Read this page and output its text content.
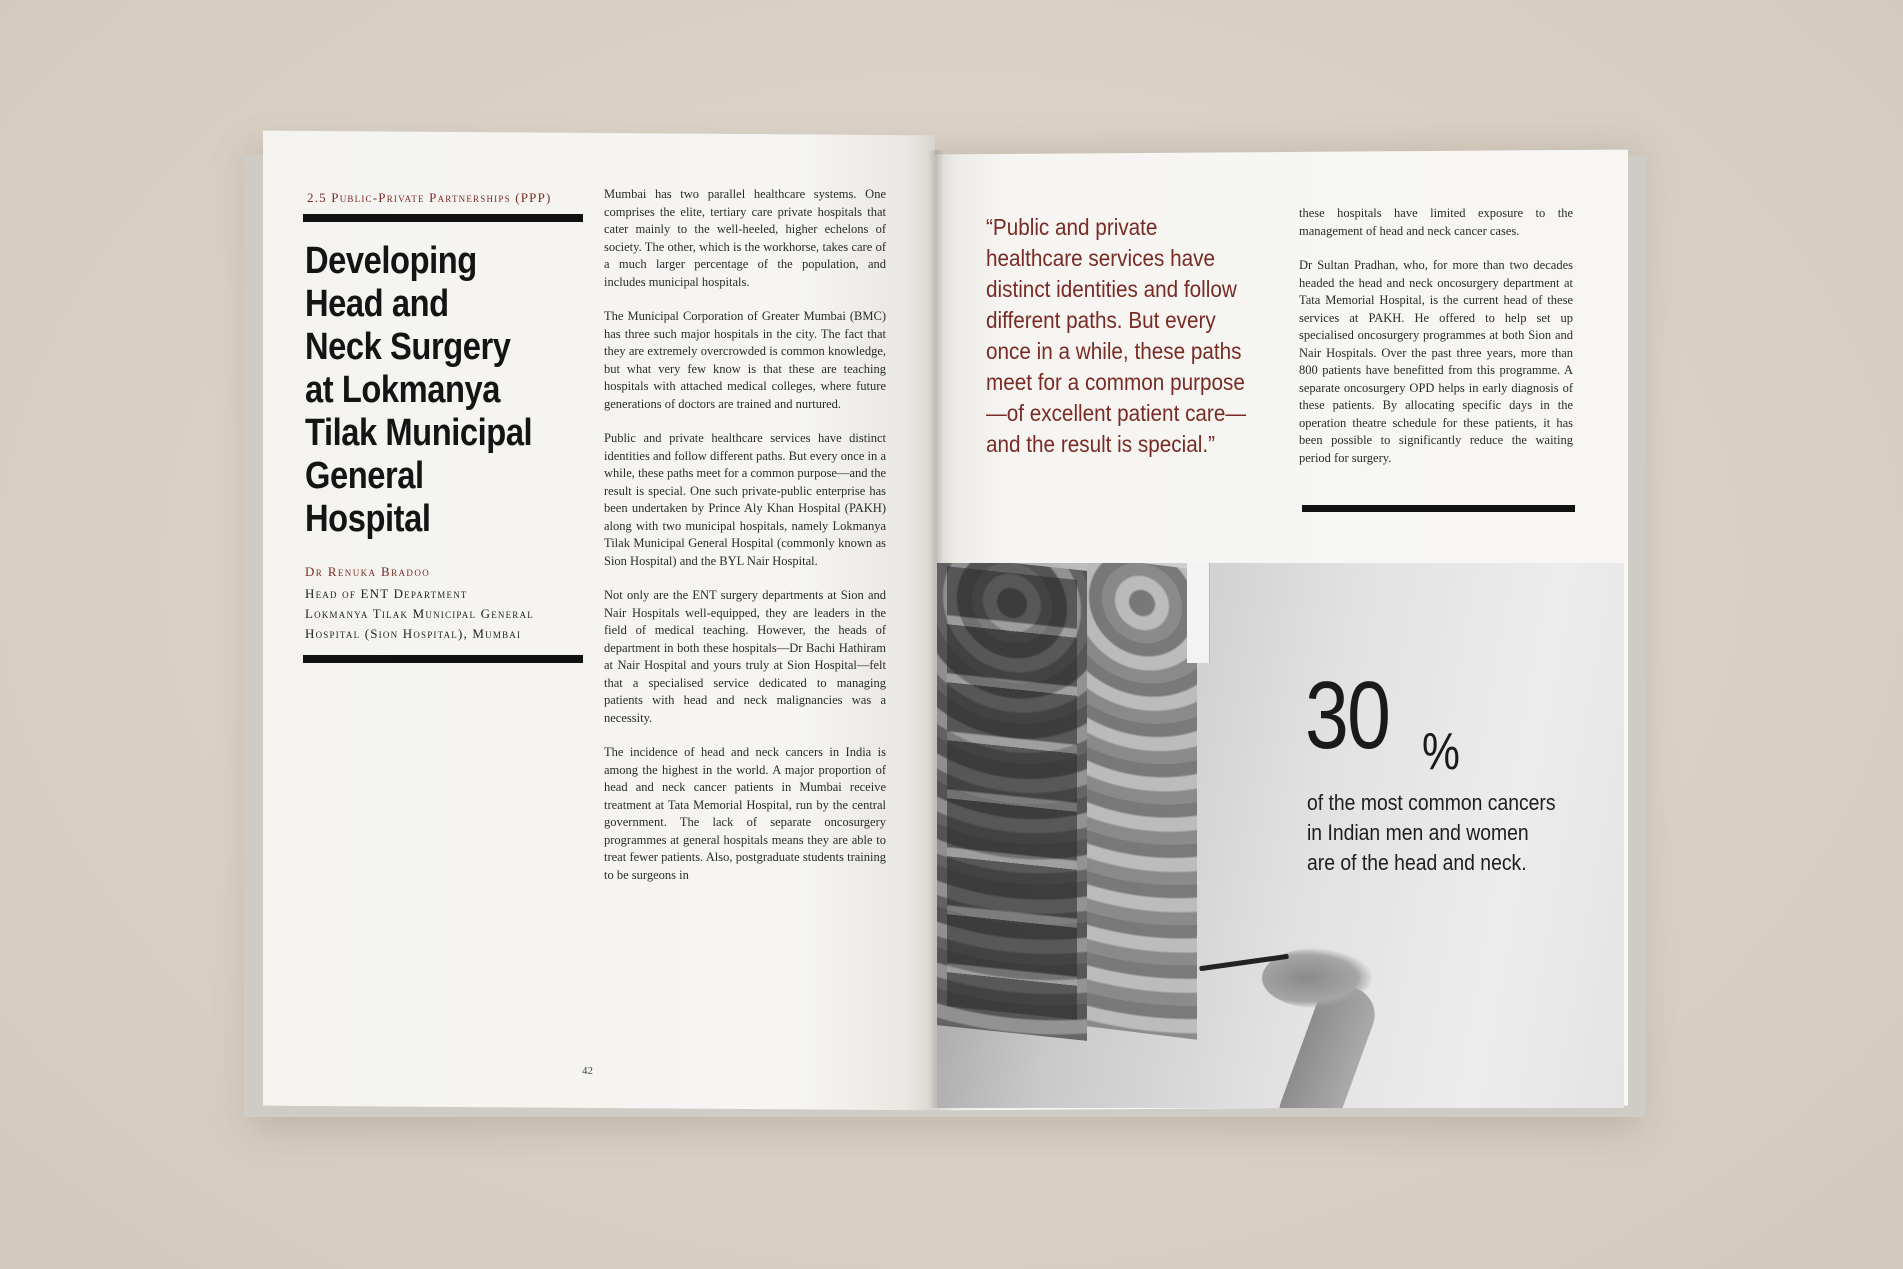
2.5 Public-Private Partnerships (PPP)
Developing
Head and
Neck Surgery
at Lokmanya
Tilak Municipal
General
Hospital
Dr Renuka Bradoo
Head of ENT Department
Lokmanya Tilak Municipal General
Hospital (Sion Hospital), Mumbai

Mumbai has two parallel healthcare systems. One comprises the elite, tertiary care private hospitals that cater mainly to the well-heeled, higher echelons of society. The other, which is the workhorse, takes care of a much larger percentage of the population, and includes municipal hospitals.

The Municipal Corporation of Greater Mumbai (BMC) has three such major hospitals in the city. The fact that they are extremely overcrowded is common knowledge, but what very few know is that these are teaching hospitals with attached medical colleges, where future generations of doctors are trained and nurtured.

Public and private healthcare services have distinct identities and follow different paths. But every once in a while, these paths meet for a common purpose—and the result is special. One such private-public enterprise has been undertaken by Prince Aly Khan Hospital (PAKH) along with two municipal hospitals, namely Lokmanya Tilak Municipal General Hospital (commonly known as Sion Hospital) and the BYL Nair Hospital.

Not only are the ENT surgery departments at Sion and Nair Hospitals well-equipped, they are leaders in the field of medical teaching. However, the heads of department in both these hospitals—Dr Bachi Hathiram at Nair Hospital and yours truly at Sion Hospital—felt that a specialised service dedicated to managing patients with head and neck malignancies was a necessity.

The incidence of head and neck cancers in India is among the highest in the world. A major proportion of head and neck cancer patients in Mumbai receive treatment at Tata Memorial Hospital, run by the central government. The lack of separate oncosurgery programmes at general hospitals means they are able to treat fewer patients. Also, postgraduate students training to be surgeons in

42
“Public and private healthcare services have distinct identities and follow different paths. But every once in a while, these paths meet for a common purpose—of excellent patient care—and the result is special.”

these hospitals have limited exposure to the management of head and neck cancer cases.

Dr Sultan Pradhan, who, for more than two decades headed the head and neck oncosurgery department at Tata Memorial Hospital, is the current head of these services at PAKH. He offered to help set up specialised oncosurgery programmes at both Sion and Nair Hospitals. Over the past three years, more than 800 patients have benefitted from this programme. A separate oncosurgery OPD helps in early diagnosis of these patients. By allocating specific days in the operation theatre schedule for these patients, it has been possible to significantly reduce the waiting period for surgery.

30 %
of the most common cancers
in Indian men and women
are of the head and neck.
